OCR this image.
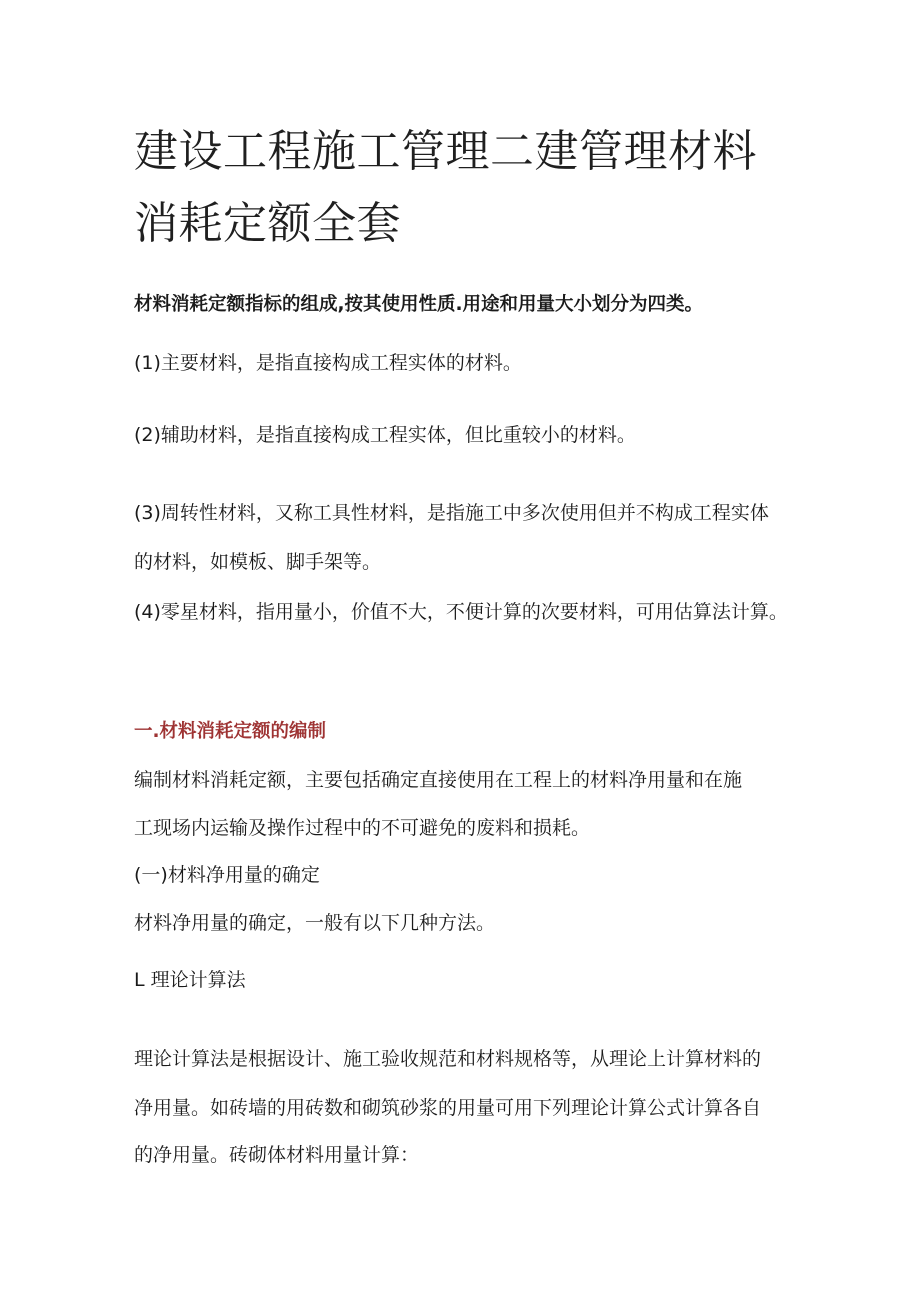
建设工程施工管理二建管理材料消耗定额全套

材料消耗定额指标的组成,按其使用性质.用途和用量大小划分为四类。

(1)主要材料，是指直接构成工程实体的材料。

(2)辅助材料，是指直接构成工程实体，但比重较小的材料。

(3)周转性材料，又称工具性材料，是指施工中多次使用但并不构成工程实体

的材料，如模板、脚手架等。

(4)零星材料，指用量小，价值不大，不便计算的次要材料，可用估算法计算。

一.材料消耗定额的编制

编制材料消耗定额，主要包括确定直接使用在工程上的材料净用量和在施

工现场内运输及操作过程中的不可避免的废料和损耗。

(一)材料净用量的确定

材料净用量的确定，一般有以下几种方法。

L 理论计算法

理论计算法是根据设计、施工验收规范和材料规格等，从理论上计算材料的

净用量。如砖墙的用砖数和砌筑砂浆的用量可用下列理论计算公式计算各自

的净用量。砖砌体材料用量计算：
